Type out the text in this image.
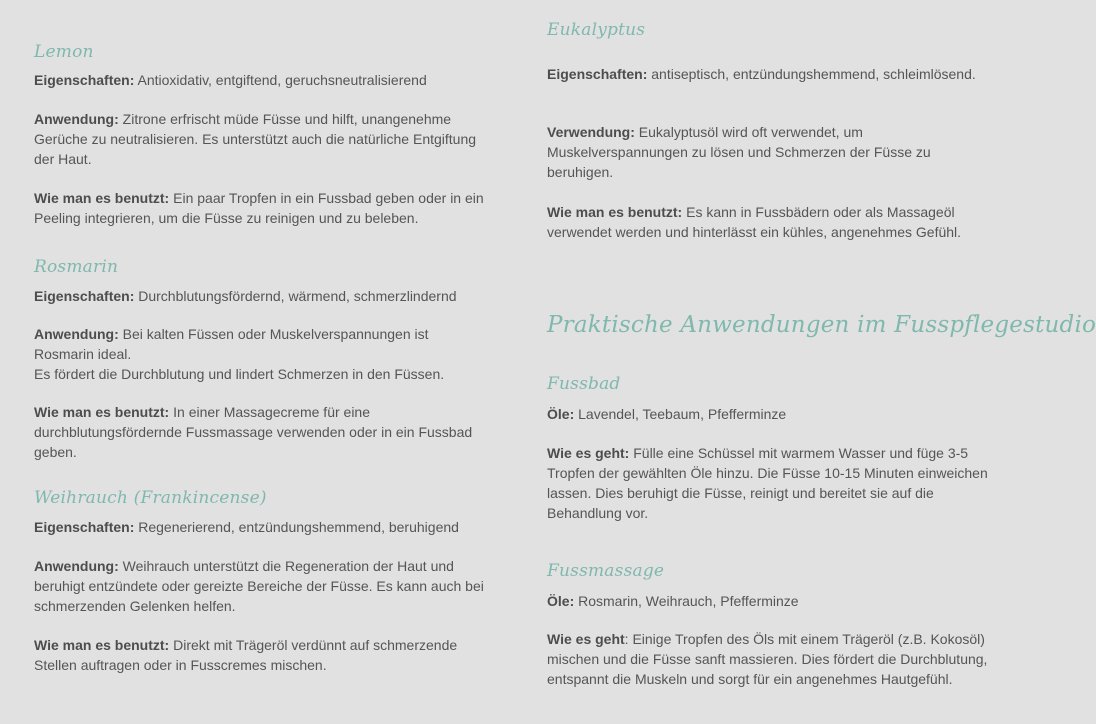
Lemon

Eigenschaften: Antioxidativ, entgiftend, geruchsneutralisierend

Anwendung: Zitrone erfrischt müde Füsse und hilft, unangenehme Gerüche zu neutralisieren. Es unterstützt auch die natürliche Entgiftung der Haut.

Wie man es benutzt: Ein paar Tropfen in ein Fussbad geben oder in ein Peeling integrieren, um die Füsse zu reinigen und zu beleben.

Rosmarin

Eigenschaften: Durchblutungsfördernd, wärmend, schmerzlindernd

Anwendung: Bei kalten Füssen oder Muskelverspannungen ist Rosmarin ideal.
Es fördert die Durchblutung und lindert Schmerzen in den Füssen.

Wie man es benutzt: In einer Massagecreme für eine durchblutungsfördernde Fussmassage verwenden oder in ein Fussbad geben.

Weihrauch (Frankincense)

Eigenschaften: Regenerierend, entzündungshemmend, beruhigend

Anwendung: Weihrauch unterstützt die Regeneration der Haut und beruhigt entzündete oder gereizte Bereiche der Füsse. Es kann auch bei schmerzenden Gelenken helfen.

Wie man es benutzt: Direkt mit Trägeröl verdünnt auf schmerzende Stellen auftragen oder in Fusscremes mischen.

Eukalyptus

Eigenschaften: antiseptisch, entzündungshemmend, schleimlösend.

Verwendung: Eukalyptusöl wird oft verwendet, um Muskelverspannungen zu lösen und Schmerzen der Füsse zu beruhigen.

Wie man es benutzt: Es kann in Fussbädern oder als Massageöl verwendet werden und hinterlässt ein kühles, angenehmes Gefühl.

Praktische Anwendungen im Fusspflegestudio
Fussbad

Öle: Lavendel, Teebaum, Pfefferminze

Wie es geht: Fülle eine Schüssel mit warmem Wasser und füge 3-5 Tropfen der gewählten Öle hinzu. Die Füsse 10-15 Minuten einweichen lassen. Dies beruhigt die Füsse, reinigt und bereitet sie auf die Behandlung vor.

Fussmassage

Öle: Rosmarin, Weihrauch, Pfefferminze

Wie es geht: Einige Tropfen des Öls mit einem Trägeröl (z.B. Kokosöl) mischen und die Füsse sanft massieren. Dies fördert die Durchblutung, entspannt die Muskeln und sorgt für ein angenehmes Hautgefühl.
